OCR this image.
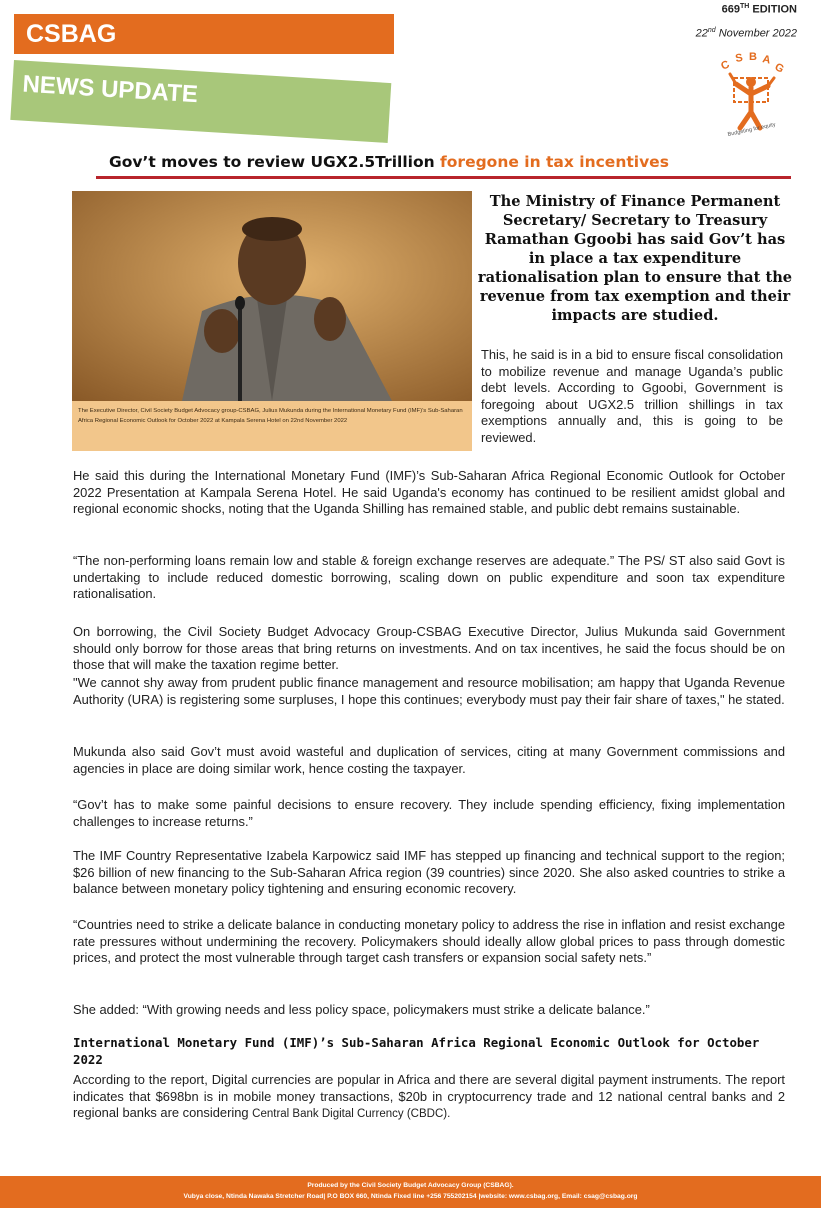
CSBAG
NEWS UPDATE
669TH EDITION
22nd November 2022
C
S B A
G
Budgeting for equity
Gov’t moves to review UGX2.5Trillion foregone in tax incentives
The Executive Director, Civil Society Budget Advocacy group-CSBAG, Julius Mukunda during the International Monetary Fund (IMF)’s Sub-Saharan Africa Regional Economic Outlook for October 2022 at Kampala Serena Hotel on 22nd November 2022
The Ministry of Finance Permanent Secretary/ Secretary to Treasury Ramathan Ggoobi has said Gov’t has in place a tax expenditure rationalisation plan to ensure that the revenue from tax exemption and their impacts are studied.
This, he said is in a bid to ensure fiscal consolidation to mobilize revenue and manage Uganda’s public debt levels. According to Ggoobi, Government is foregoing about UGX2.5 trillion shillings in tax exemptions annually and, this is going to be reviewed.

He said this during the International Monetary Fund (IMF)’s Sub-Saharan Africa Regional Economic Outlook for October 2022 Presentation at Kampala Serena Hotel. He said Uganda's economy has continued to be resilient amidst global and regional economic shocks, noting that the Uganda Shilling has remained stable, and public debt remains sustainable.

“The non-performing loans remain low and stable & foreign exchange reserves are adequate.” The PS/ ST also said Govt is undertaking to include reduced domestic borrowing, scaling down on public expenditure and soon tax expenditure rationalisation.

On borrowing, the Civil Society Budget Advocacy Group-CSBAG Executive Director, Julius Mukunda said Government should only borrow for those areas that bring returns on investments. And on tax incentives, he said the focus should be on those that will make the taxation regime better.

"We cannot shy away from prudent public finance management and resource mobilisation; am happy that Uganda Revenue Authority (URA) is registering some surpluses, I hope this continues; everybody must pay their fair share of taxes," he stated.

Mukunda also said Gov’t must avoid wasteful and duplication of services, citing at many Government commissions and agencies in place are doing similar work, hence costing the taxpayer.

“Gov’t has to make some painful decisions to ensure recovery. They include spending efficiency, fixing implementation challenges to increase returns.”

The IMF Country Representative Izabela Karpowicz said IMF has stepped up financing and technical support to the region; $26 billion of new financing to the Sub-Saharan Africa region (39 countries) since 2020. She also asked countries to strike a balance between monetary policy tightening and ensuring economic recovery.

“Countries need to strike a delicate balance in conducting monetary policy to address the rise in inflation and resist exchange rate pressures without undermining the recovery. Policymakers should ideally allow global prices to pass through domestic prices, and protect the most vulnerable through target cash transfers or expansion social safety nets.”

She added: “With growing needs and less policy space, policymakers must strike a delicate balance.”

International Monetary Fund (IMF)’s Sub-Saharan Africa Regional Economic Outlook for October 2022

According to the report, Digital currencies are popular in Africa and there are several digital payment instruments. The report indicates that $698bn is in mobile money transactions, $20b in cryptocurrency trade and 12 national central banks and 2 regional banks are considering Central Bank Digital Currency (CBDC).

Produced by the Civil Society Budget Advocacy Group (CSBAG).
Vubya close, Ntinda Nawaka Stretcher Road| P.O BOX 660, Ntinda Fixed line +256 755202154 |website: www.csbag.org, Email: csag@csbag.org
